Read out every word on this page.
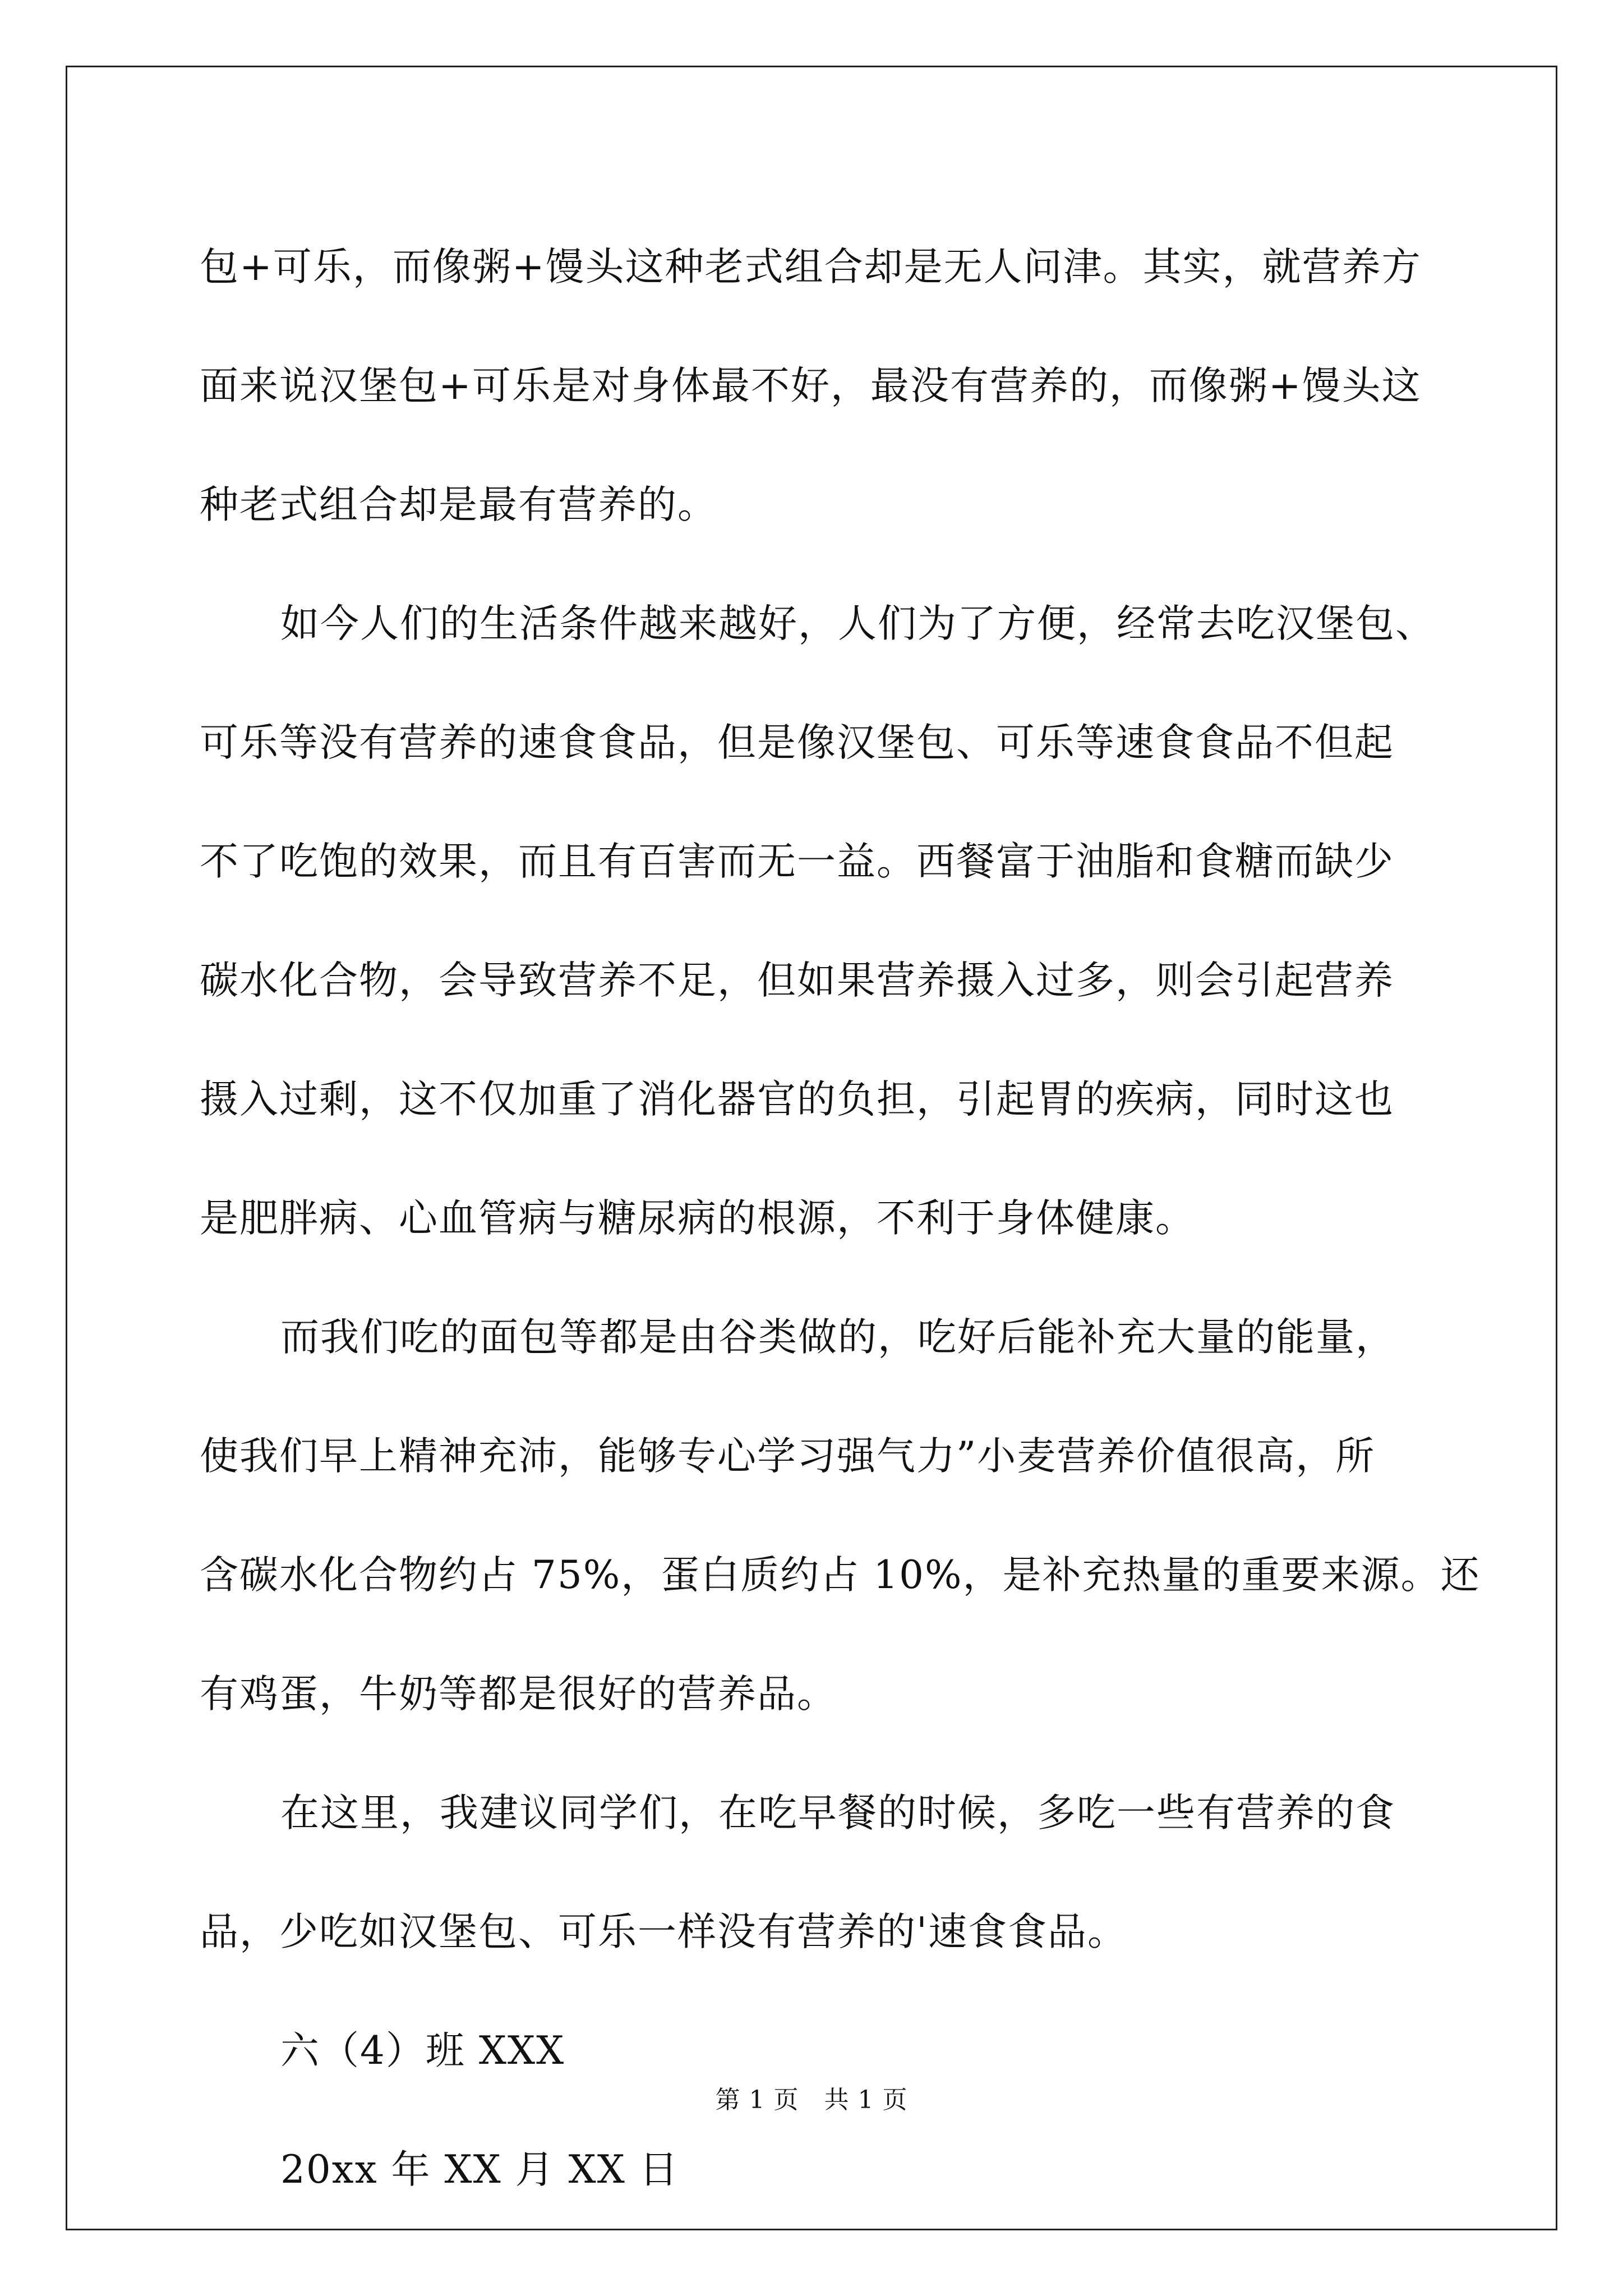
包+可乐，而像粥+馒头这种老式组合却是无人问津。其实，就营养方
面来说汉堡包+可乐是对身体最不好，最没有营养的，而像粥+馒头这
种老式组合却是最有营养的。
如今人们的生活条件越来越好，人们为了方便，经常去吃汉堡包、
可乐等没有营养的速食食品，但是像汉堡包、可乐等速食食品不但起
不了吃饱的效果，而且有百害而无一益。西餐富于油脂和食糖而缺少
碳水化合物，会导致营养不足，但如果营养摄入过多，则会引起营养
摄入过剩，这不仅加重了消化器官的负担，引起胃的疾病，同时这也
是肥胖病、心血管病与糖尿病的根源，不利于身体健康。
而我们吃的面包等都是由谷类做的，吃好后能补充大量的能量，
使我们早上精神充沛，能够专心学习强气力”小麦营养价值很高，所
含碳水化合物约占 75%，蛋白质约占 10%，是补充热量的重要来源。还
有鸡蛋，牛奶等都是很好的营养品。
在这里，我建议同学们，在吃早餐的时候，多吃一些有营养的食
品，少吃如汉堡包、可乐一样没有营养的'速食食品。
六（4）班 XXX
20xx 年 XX 月 XX 日
第 1 页   共 1 页
